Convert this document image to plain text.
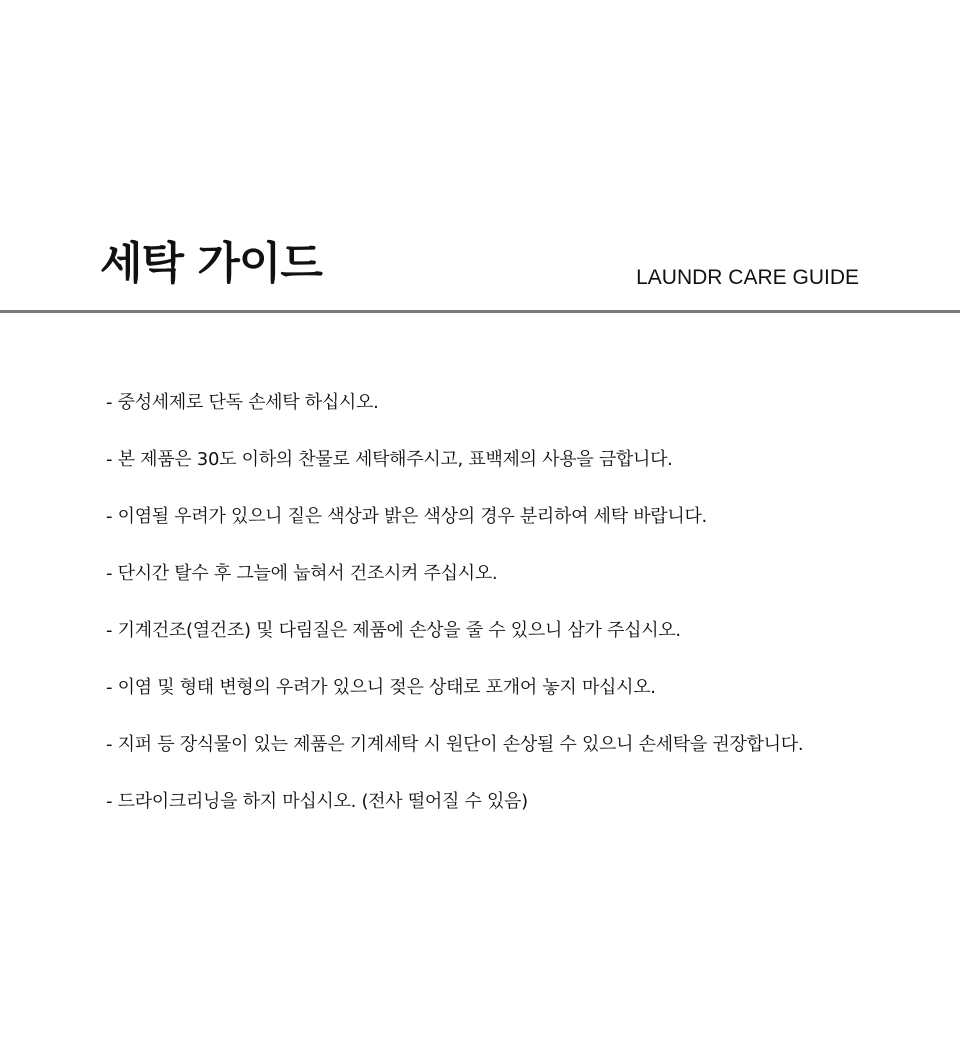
세탁 가이드	LAUNDR CARE GUIDE
- 중성세제로 단독 손세탁 하십시오.
- 본 제품은 30도 이하의 찬물로 세탁해주시고, 표백제의 사용을 금합니다.
- 이염될 우려가 있으니 짙은 색상과 밝은 색상의 경우 분리하여 세탁 바랍니다.
- 단시간 탈수 후 그늘에 눕혀서 건조시켜 주십시오.
- 기계건조(열건조) 및 다림질은 제품에 손상을 줄 수 있으니 삼가 주십시오.
- 이염 및 형태 변형의 우려가 있으니 젖은 상태로 포개어 놓지 마십시오.
- 지퍼 등 장식물이 있는 제품은 기계세탁 시 원단이 손상될 수 있으니 손세탁을 권장합니다.
- 드라이크리닝을 하지 마십시오. (전사 떨어질 수 있음)
